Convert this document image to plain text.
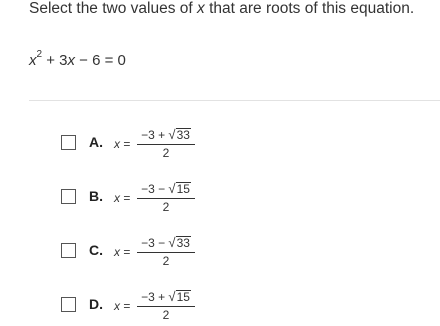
Select the two values of x that are roots of this equation.
$x^2 + 3x - 6 = 0$
A. x =
−3 + √33
2
B. x =
−3 − √15
2
C. x =
−3 − √33
2
D. x =
−3 + √15
2
